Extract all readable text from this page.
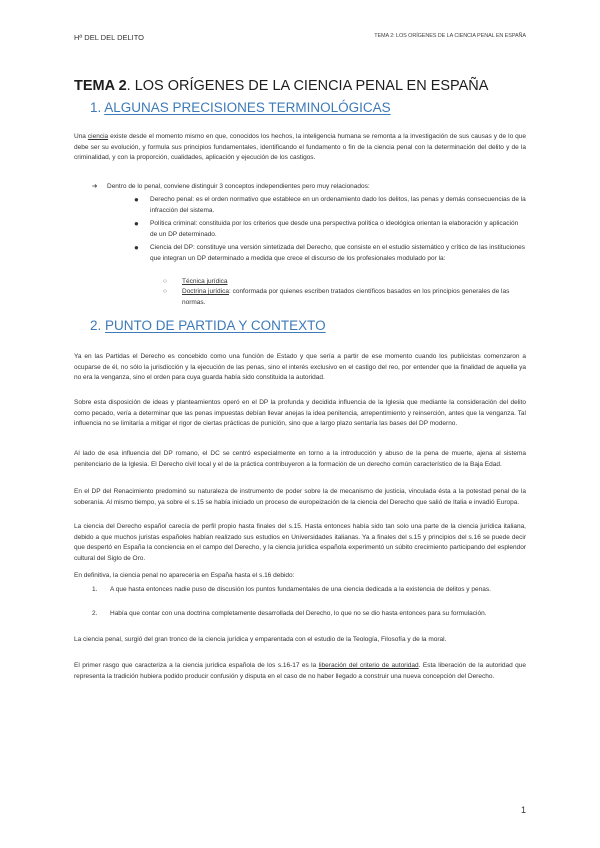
Hª DEL DEL DELITO	TEMA 2: LOS ORÍGENES DE LA CIENCIA PENAL EN ESPAÑA
TEMA 2. LOS ORÍGENES DE LA CIENCIA PENAL EN ESPAÑA
1. ALGUNAS PRECISIONES TERMINOLÓGICAS
Una ciencia existe desde el momento mismo en que, conocidos los hechos, la inteligencia humana se remonta a la investigación de sus causas y de lo que debe ser su evolución, y formula sus principios fundamentales, identificando el fundamento o fin de la ciencia penal con la determinación del delito y de la criminalidad, y con la proporción, cualidades, aplicación y ejecución de los castigos.
➔ Dentro de lo penal, conviene distinguir 3 conceptos independientes pero muy relacionados:
● Derecho penal: es el orden normativo que establece en un ordenamiento dado los delitos, las penas y demás consecuencias de la infracción del sistema.
● Política criminal: constituida por los criterios que desde una perspectiva política o ideológica orientan la elaboración y aplicación de un DP determinado.
● Ciencia del DP: constituye una versión sintetizada del Derecho, que consiste en el estudio sistemático y crítico de las instituciones que integran un DP determinado a medida que crece el discurso de los profesionales modulado por la:
○ Técnica jurídica
○ Doctrina jurídica: conformada por quienes escriben tratados científicos basados en los principios generales de las normas.
2. PUNTO DE PARTIDA Y CONTEXTO
Ya en las Partidas el Derecho es concebido como una función de Estado y que sería a partir de ese momento cuando los publicistas comenzaron a ocuparse de él, no sólo la jurisdicción y la ejecución de las penas, sino el interés exclusivo en el castigo del reo, por entender que la finalidad de aquella ya no era la venganza, sino el orden para cuya guarda había sido constituida la autoridad.
Sobre esta disposición de ideas y planteamientos operó en el DP la profunda y decidida influencia de la Iglesia que mediante la consideración del delito como pecado, vería a determinar que las penas impuestas debían llevar anejas la idea penitencia, arrepentimiento y reinserción, antes que la venganza. Tal influencia no se limitaría a mitigar el rigor de ciertas prácticas de punición, sino que a largo plazo sentaría las bases del DP moderno.
Al lado de esa influencia del DP romano, el DC se centró especialmente en torno a la introducción y abuso de la pena de muerte, ajena al sistema penitenciario de la Iglesia. El Derecho civil local y el de la práctica contribuyeron a la formación de un derecho común característico de la Baja Edad.
En el DP del Renacimiento predominó su naturaleza de instrumento de poder sobre la de mecanismo de justicia, vinculada ésta a la potestad penal de la soberanía. Al mismo tiempo, ya sobre el s.15 se había iniciado un proceso de europeización de la ciencia del Derecho que salió de Italia e invadió Europa.
La ciencia del Derecho español carecía de perfil propio hasta finales del s.15. Hasta entonces había sido tan solo una parte de la ciencia jurídica italiana, debido a que muchos juristas españoles habían realizado sus estudios en Universidades italianas. Ya a finales del s.15 y principios del s.16 se puede decir que despertó en España la conciencia en el campo del Derecho, y la ciencia jurídica española experimentó un súbito crecimiento participando del esplendor cultural del Siglo de Oro.
En definitiva, la ciencia penal no aparecería en España hasta el s.16 debido:
1. A que hasta entonces nadie puso de discusión los puntos fundamentales de una ciencia dedicada a la existencia de delitos y penas.
2. Había que contar con una doctrina completamente desarrollada del Derecho, lo que no se dio hasta entonces para su formulación.
La ciencia penal, surgió del gran tronco de la ciencia jurídica y emparentada con el estudio de la Teología, Filosofía y de la moral.
El primer rasgo que caracteriza a la ciencia jurídica española de los s.16-17 es la liberación del criterio de autoridad. Esta liberación de la autoridad que representa la tradición hubiera podido producir confusión y disputa en el caso de no haber llegado a construir una nueva concepción del Derecho.
1
